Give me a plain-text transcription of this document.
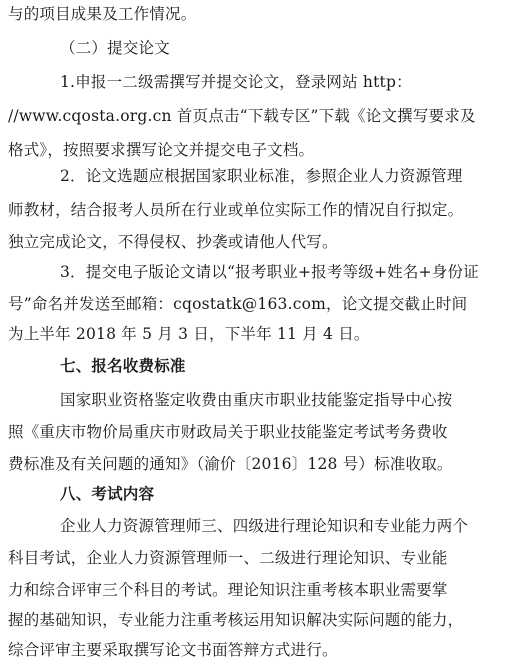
与的项目成果及工作情况。
（二）提交论文
1.申报一二级需撰写并提交论文，登录网站 http：
//www.cqosta.org.cn 首页点击“下载专区”下载《论文撰写要求及
格式》，按照要求撰写论文并提交电子文档。
2．论文选题应根据国家职业标准，参照企业人力资源管理
师教材，结合报考人员所在行业或单位实际工作的情况自行拟定。
独立完成论文，不得侵权、抄袭或请他人代写。
3．提交电子版论文请以“报考职业+报考等级+姓名+身份证
号”命名并发送至邮箱：cqostatk@163.com，论文提交截止时间
为上半年 2018 年 5 月 3 日，下半年 11 月 4 日。
七、报名收费标准
国家职业资格鉴定收费由重庆市职业技能鉴定指导中心按
照《重庆市物价局重庆市财政局关于职业技能鉴定考试考务费收
费标准及有关问题的通知》（渝价〔2016〕128 号）标准收取。
八、考试内容
企业人力资源管理师三、四级进行理论知识和专业能力两个
科目考试，企业人力资源管理师一、二级进行理论知识、专业能
力和综合评审三个科目的考试。理论知识注重考核本职业需要掌
握的基础知识，专业能力注重考核运用知识解决实际问题的能力，
综合评审主要采取撰写论文书面答辩方式进行。
